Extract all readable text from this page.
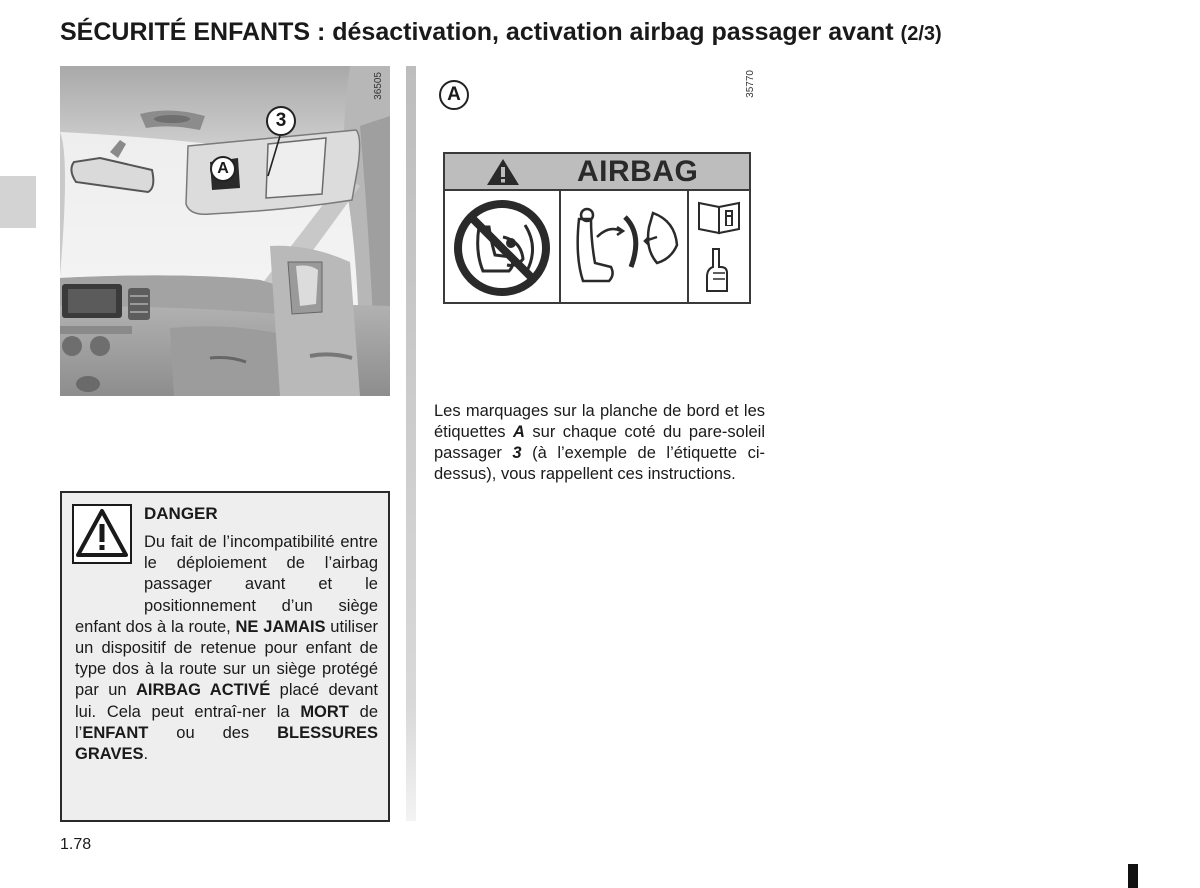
SÉCURITÉ ENFANTS : désactivation, activation airbag passager avant (2/3)
3
A
36505	A	35770
AIRBAG
Les marquages sur la planche de bord et les étiquettes A sur chaque coté du pare-soleil passager 3 (à l’exemple de l’étiquette ci-dessus), vous rappellent ces instructions.
DANGER
Du fait de l’incompatibilité entre le déploiement de l’airbag passager avant et le positionnement d’un siège enfant dos à la route, NE JAMAIS utiliser un dispositif de retenue pour enfant de type dos à la route sur un siège protégé par un AIRBAG ACTIVÉ placé devant lui. Cela peut entraî-ner la MORT de l’ENFANT ou des BLESSURES GRAVES.
1.78
